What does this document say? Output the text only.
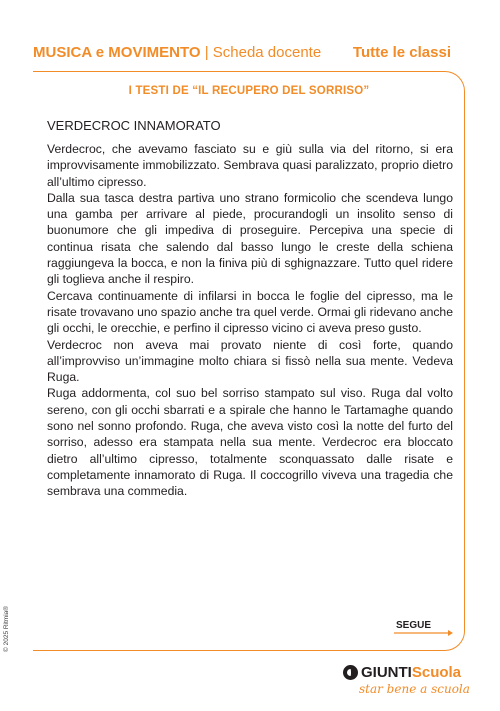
MUSICA e MOVIMENTO | Scheda docente Tutte le classi
I TESTI DE “IL RECUPERO DEL SORRISO”
VERDECROC INNAMORATO

Verdecroc, che avevamo fasciato su e giù sulla via del ritorno, si era improvvisamente immobilizzato. Sembrava quasi paralizzato, proprio dietro all’ultimo cipresso.

Dalla sua tasca destra partiva uno strano formicolio che scendeva lungo una gamba per arrivare al piede, procurandogli un insolito senso di buonumore che gli impediva di proseguire. Percepiva una specie di continua risata che salendo dal basso lungo le creste della schiena raggiungeva la bocca, e non la finiva più di sghignazzare. Tutto quel ridere gli toglieva anche il respiro.

Cercava continuamente di infilarsi in bocca le foglie del cipresso, ma le risate trovavano uno spazio anche tra quel verde. Ormai gli ridevano anche gli occhi, le orecchie, e perfino il cipresso vicino ci aveva preso gusto.

Verdecroc non aveva mai provato niente di così forte, quando all’improvviso un’immagine molto chiara si fissò nella sua mente. Vedeva Ruga.

Ruga addormenta, col suo bel sorriso stampato sul viso. Ruga dal volto sereno, con gli occhi sbarrati e a spirale che hanno le Tartamaghe quando sono nel sonno profondo. Ruga, che aveva visto così la notte del furto del sorriso, adesso era stampata nella sua mente. Verdecroc era bloccato dietro all’ultimo cipresso, totalmente sconquassato dalle risate e completamente innamorato di Ruga. Il coccogrillo viveva una tragedia che sembrava una commedia.

© 2025 Ritmia®	SEGUE
GIUNTI Scuola
star bene a scuola
